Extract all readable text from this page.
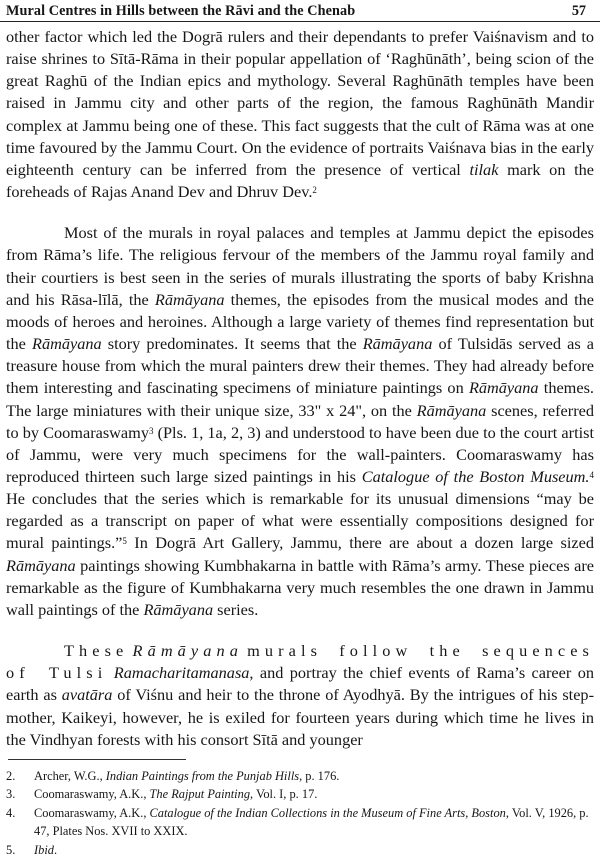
Mural Centres in Hills between the Rāvi and the Chenab	57

other factor which led the Dogrā rulers and their dependants to prefer Vaiśnavism and to raise shrines to Sītā-Rāma in their popular appellation of ‘Raghūnāth’, being scion of the great Raghū of the Indian epics and mythology. Several Raghūnāth temples have been raised in Jammu city and other parts of the region, the famous Raghūnāth Mandir complex at Jammu being one of these. This fact suggests that the cult of Rāma was at one time favoured by the Jammu Court. On the evidence of portraits Vaiśnava bias in the early eighteenth century can be inferred from the presence of vertical tilak mark on the foreheads of Rajas Anand Dev and Dhruv Dev.$^2$

Most of the murals in royal palaces and temples at Jammu depict the episodes from Rāma’s life. The religious fervour of the members of the Jammu royal family and their courtiers is best seen in the series of murals illustrating the sports of baby Krishna and his Rāsa-līlā, the Rāmāyana themes, the episodes from the musical modes and the moods of heroes and heroines. Although a large variety of themes find representation but the Rāmāyana story predominates. It seems that the Rāmāyana of Tulsidās served as a treasure house from which the mural painters drew their themes. They had already before them interesting and fascinating specimens of miniature paintings on Rāmāyana themes. The large miniatures with their unique size, 33" x 24", on the Rāmāyana scenes, referred to by Coomaraswamy$^3$ (Pls. 1, 1a, 2, 3) and understood to have been due to the court artist of Jammu, were very much specimens for the wall-painters. Coomaraswamy has reproduced thirteen such large sized paintings in his Catalogue of the Boston Museum.$^4$ He concludes that the series which is remarkable for its unusual dimensions “may be regarded as a transcript on paper of what were essentially compositions designed for mural paintings.”$^5$ In Dogrā Art Gallery, Jammu, there are about a dozen large sized Rāmāyana paintings showing Kumbhakarna in battle with Rāma’s army. These pieces are remarkable as the figure of Kumbhakarna very much resembles the one drawn in Jammu wall paintings of the Rāmāyana series.

These Rāmāyana murals follow the sequences of Tulsi Ramacharitamanasa, and portray the chief events of Rama’s career on earth as avatāra of Viśnu and heir to the throne of Ayodhyā. By the intrigues of his step-mother, Kaikeyi, however, he is exiled for fourteen years during which time he lives in the Vindhyan forests with his consort Sītā and younger

2.	Archer, W.G., Indian Paintings from the Punjab Hills, p. 176.
3.	Coomaraswamy, A.K., The Rajput Painting, Vol. I, p. 17.
4.	Coomaraswamy, A.K., Catalogue of the Indian Collections in the Museum of Fine Arts, Boston, Vol. V, 1926, p. 47, Plates Nos. XVII to XXIX.
5.	Ibid.
